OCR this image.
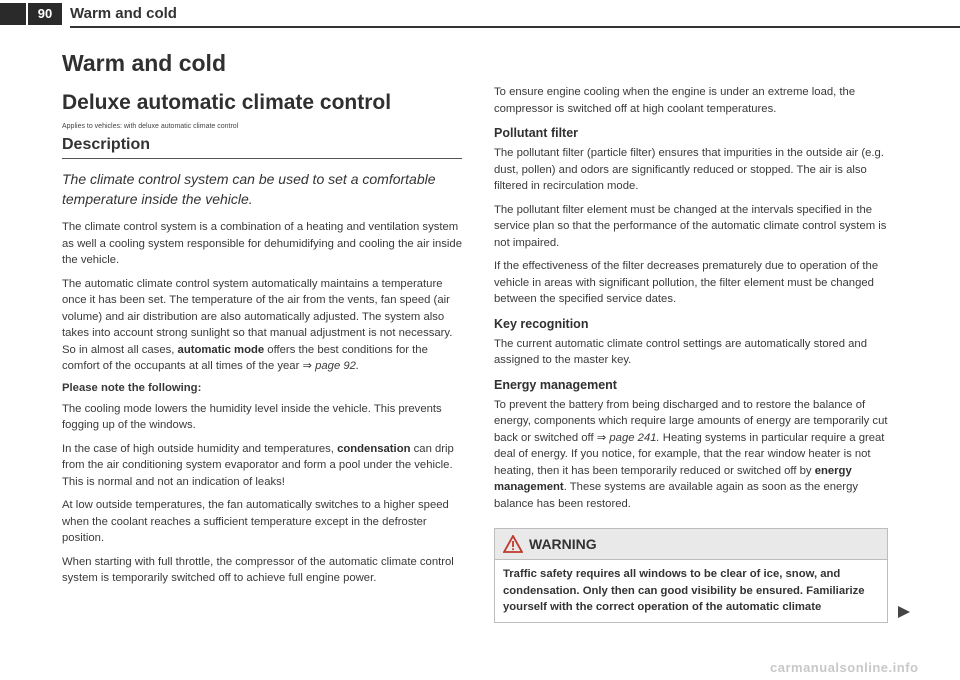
90	Warm and cold
Warm and cold
Deluxe automatic climate control
Applies to vehicles: with deluxe automatic climate control
Description
The climate control system can be used to set a comfortable temperature inside the vehicle.

The climate control system is a combination of a heating and ventilation system as well a cooling system responsible for dehumidifying and cooling the air inside the vehicle.

The automatic climate control system automatically maintains a temperature once it has been set. The temperature of the air from the vents, fan speed (air volume) and air distribution are also automatically adjusted. The system also takes into account strong sunlight so that manual adjustment is not necessary. So in almost all cases, automatic mode offers the best conditions for the comfort of the occupants at all times of the year ⇒ page 92.

Please note the following:

The cooling mode lowers the humidity level inside the vehicle. This prevents fogging up of the windows.

In the case of high outside humidity and temperatures, condensation can drip from the air conditioning system evaporator and form a pool under the vehicle. This is normal and not an indication of leaks!

At low outside temperatures, the fan automatically switches to a higher speed when the coolant reaches a sufficient temperature except in the defroster position.

When starting with full throttle, the compressor of the automatic climate control system is temporarily switched off to achieve full engine power.

To ensure engine cooling when the engine is under an extreme load, the compressor is switched off at high coolant temperatures.

Pollutant filter

The pollutant filter (particle filter) ensures that impurities in the outside air (e.g. dust, pollen) and odors are significantly reduced or stopped. The air is also filtered in recirculation mode.

The pollutant filter element must be changed at the intervals specified in the service plan so that the performance of the automatic climate control system is not impaired.

If the effectiveness of the filter decreases prematurely due to operation of the vehicle in areas with significant pollution, the filter element must be changed between the specified service dates.

Key recognition

The current automatic climate control settings are automatically stored and assigned to the master key.

Energy management

To prevent the battery from being discharged and to restore the balance of energy, components which require large amounts of energy are temporarily cut back or switched off ⇒ page 241. Heating systems in particular require a great deal of energy. If you notice, for example, that the rear window heater is not heating, then it has been temporarily reduced or switched off by energy management. These systems are available again as soon as the energy balance has been restored.

WARNING
Traffic safety requires all windows to be clear of ice, snow, and condensation. Only then can good visibility be ensured. Familiarize yourself with the correct operation of the automatic climate
carmanualsonline.info
